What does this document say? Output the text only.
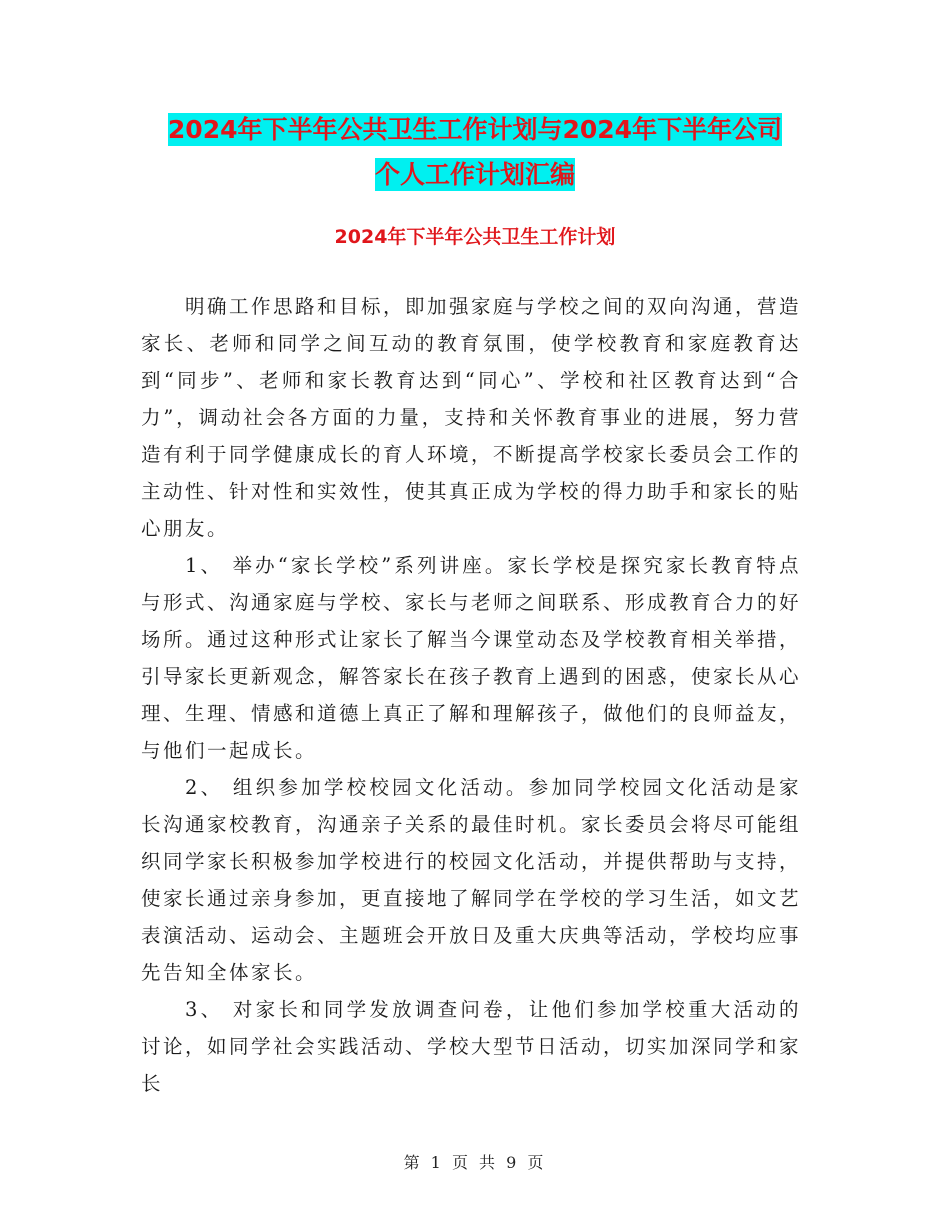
2024年下半年公共卫生工作计划与2024年下半年公司
个人工作计划汇编
2024年下半年公共卫生工作计划

明确工作思路和目标，即加强家庭与学校之间的双向沟通，营造家长、老师和同学之间互动的教育氛围，使学校教育和家庭教育达到“同步”、老师和家长教育达到“同心”、学校和社区教育达到“合力”，调动社会各方面的力量，支持和关怀教育事业的进展，努力营造有利于同学健康成长的育人环境，不断提高学校家长委员会工作的主动性、针对性和实效性，使其真正成为学校的得力助手和家长的贴心朋友。

1、 举办“家长学校”系列讲座。家长学校是探究家长教育特点与形式、沟通家庭与学校、家长与老师之间联系、形成教育合力的好场所。通过这种形式让家长了解当今课堂动态及学校教育相关举措，引导家长更新观念，解答家长在孩子教育上遇到的困惑，使家长从心理、生理、情感和道德上真正了解和理解孩子，做他们的良师益友，与他们一起成长。

2、 组织参加学校校园文化活动。参加同学校园文化活动是家长沟通家校教育，沟通亲子关系的最佳时机。家长委员会将尽可能组织同学家长积极参加学校进行的校园文化活动，并提供帮助与支持，使家长通过亲身参加，更直接地了解同学在学校的学习生活，如文艺表演活动、运动会、主题班会开放日及重大庆典等活动，学校均应事先告知全体家长。

3、 对家长和同学发放调查问卷，让他们参加学校重大活动的讨论，如同学社会实践活动、学校大型节日活动，切实加深同学和家长

第 1 页 共 9 页
